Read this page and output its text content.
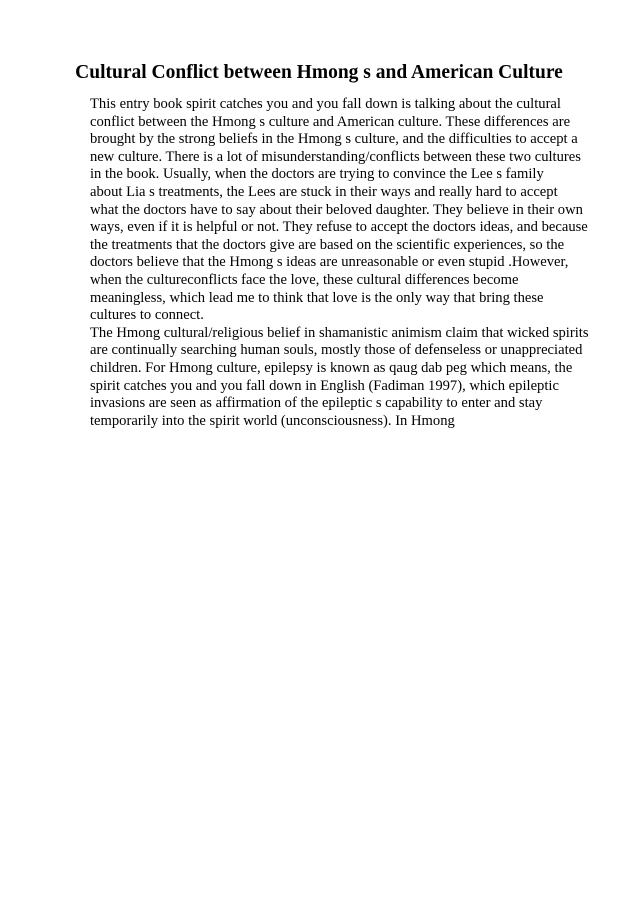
Cultural Conflict between Hmong s and American Culture
This entry book spirit catches you and you fall down is talking about the cultural
conflict between the Hmong s culture and American culture. These differences are
brought by the strong beliefs in the Hmong s culture, and the difficulties to accept a
new culture. There is a lot of misunderstanding/conflicts between these two cultures
in the book. Usually, when the doctors are trying to convince the Lee s family
about Lia s treatments, the Lees are stuck in their ways and really hard to accept
what the doctors have to say about their beloved daughter. They believe in their own
ways, even if it is helpful or not. They refuse to accept the doctors ideas, and because
the treatments that the doctors give are based on the scientific experiences, so the
doctors believe that the Hmong s ideas are unreasonable or even stupid .However,
when the cultureconflicts face the love, these cultural differences become
meaningless, which lead me to think that love is the only way that bring these
cultures to connect.
The Hmong cultural/religious belief in shamanistic animism claim that wicked spirits
are continually searching human souls, mostly those of defenseless or unappreciated
children. For Hmong culture, epilepsy is known as qaug dab peg which means, the
spirit catches you and you fall down in English (Fadiman 1997), which epileptic
invasions are seen as affirmation of the epileptic s capability to enter and stay
temporarily into the spirit world (unconsciousness). In Hmong
